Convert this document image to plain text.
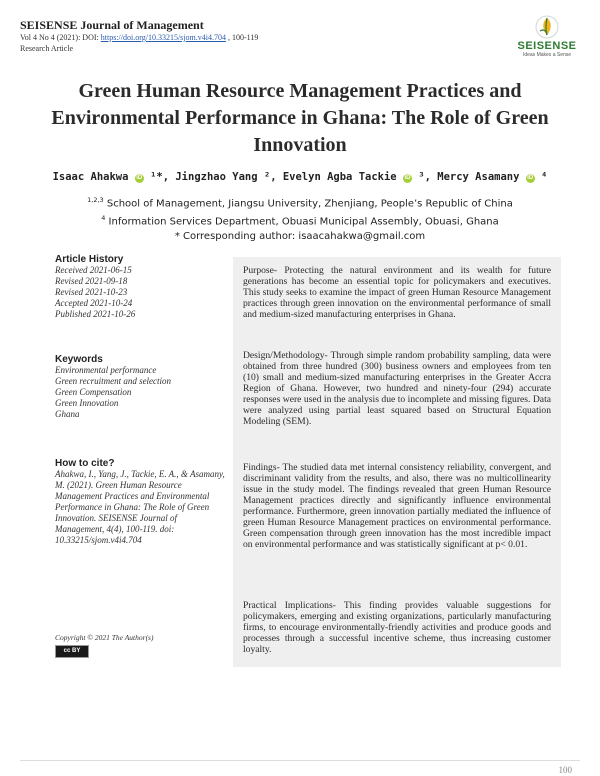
SEISENSE Journal of Management
Vol 4 No 4 (2021): DOI: https://doi.org/10.33215/sjom.v4i4.704 , 100-119
Research Article	SEISENSE
Ideas Makes a Sense
Green Human Resource Management Practices and Environmental Performance in Ghana: The Role of Green Innovation
Isaac Ahakwa iD ¹*, Jingzhao Yang ², Evelyn Agba Tackie iD ³, Mercy Asamany iD ⁴
$^{1,2,3}$ School of Management, Jiangsu University, Zhenjiang, People’s Republic of China
$^4$ Information Services Department, Obuasi Municipal Assembly, Obuasi, Ghana
* Corresponding author: isaacahakwa@gmail.com
Article History
Received 2021-06-15
Revised 2021-09-18
Revised 2021-10-23
Accepted 2021-10-24
Published 2021-10-26
Keywords
Environmental performance
Green recruitment and selection
Green Compensation
Green Innovation
Ghana
How to cite?
Ahakwa, I., Yang, J., Tackie, E. A., & Asamany, M. (2021). Green Human Resource Management Practices and Environmental Performance in Ghana: The Role of Green Innovation. SEISENSE Journal of Management, 4(4), 100-119. doi: 10.33215/sjom.v4i4.704
Copyright © 2021 The Author(s)
cc BY

Purpose- Protecting the natural environment and its wealth for future generations has become an essential topic for policymakers and executives. This study seeks to examine the impact of green Human Resource Management practices through green innovation on the environmental performance of small and medium-sized manufacturing enterprises in Ghana.

Design/Methodology- Through simple random probability sampling, data were obtained from three hundred (300) business owners and employees from ten (10) small and medium-sized manufacturing enterprises in the Greater Accra Region of Ghana. However, two hundred and ninety-four (294) accurate responses were used in the analysis due to incomplete and missing figures. Data were analyzed using partial least squared based on Structural Equation Modeling (SEM).

Findings- The studied data met internal consistency reliability, convergent, and discriminant validity from the results, and also, there was no multicollinearity issue in the study model. The findings revealed that green Human Resource Management practices directly and significantly influence environmental performance. Furthermore, green innovation partially mediated the influence of green Human Resource Management practices on environmental performance. Green compensation through green innovation has the most incredible impact on environmental performance and was statistically significant at p< 0.01.

Practical Implications- This finding provides valuable suggestions for policymakers, emerging and existing organizations, particularly manufacturing firms, to encourage environmentally-friendly activities and produce goods and processes through a successful incentive scheme, thus increasing customer loyalty.

100
